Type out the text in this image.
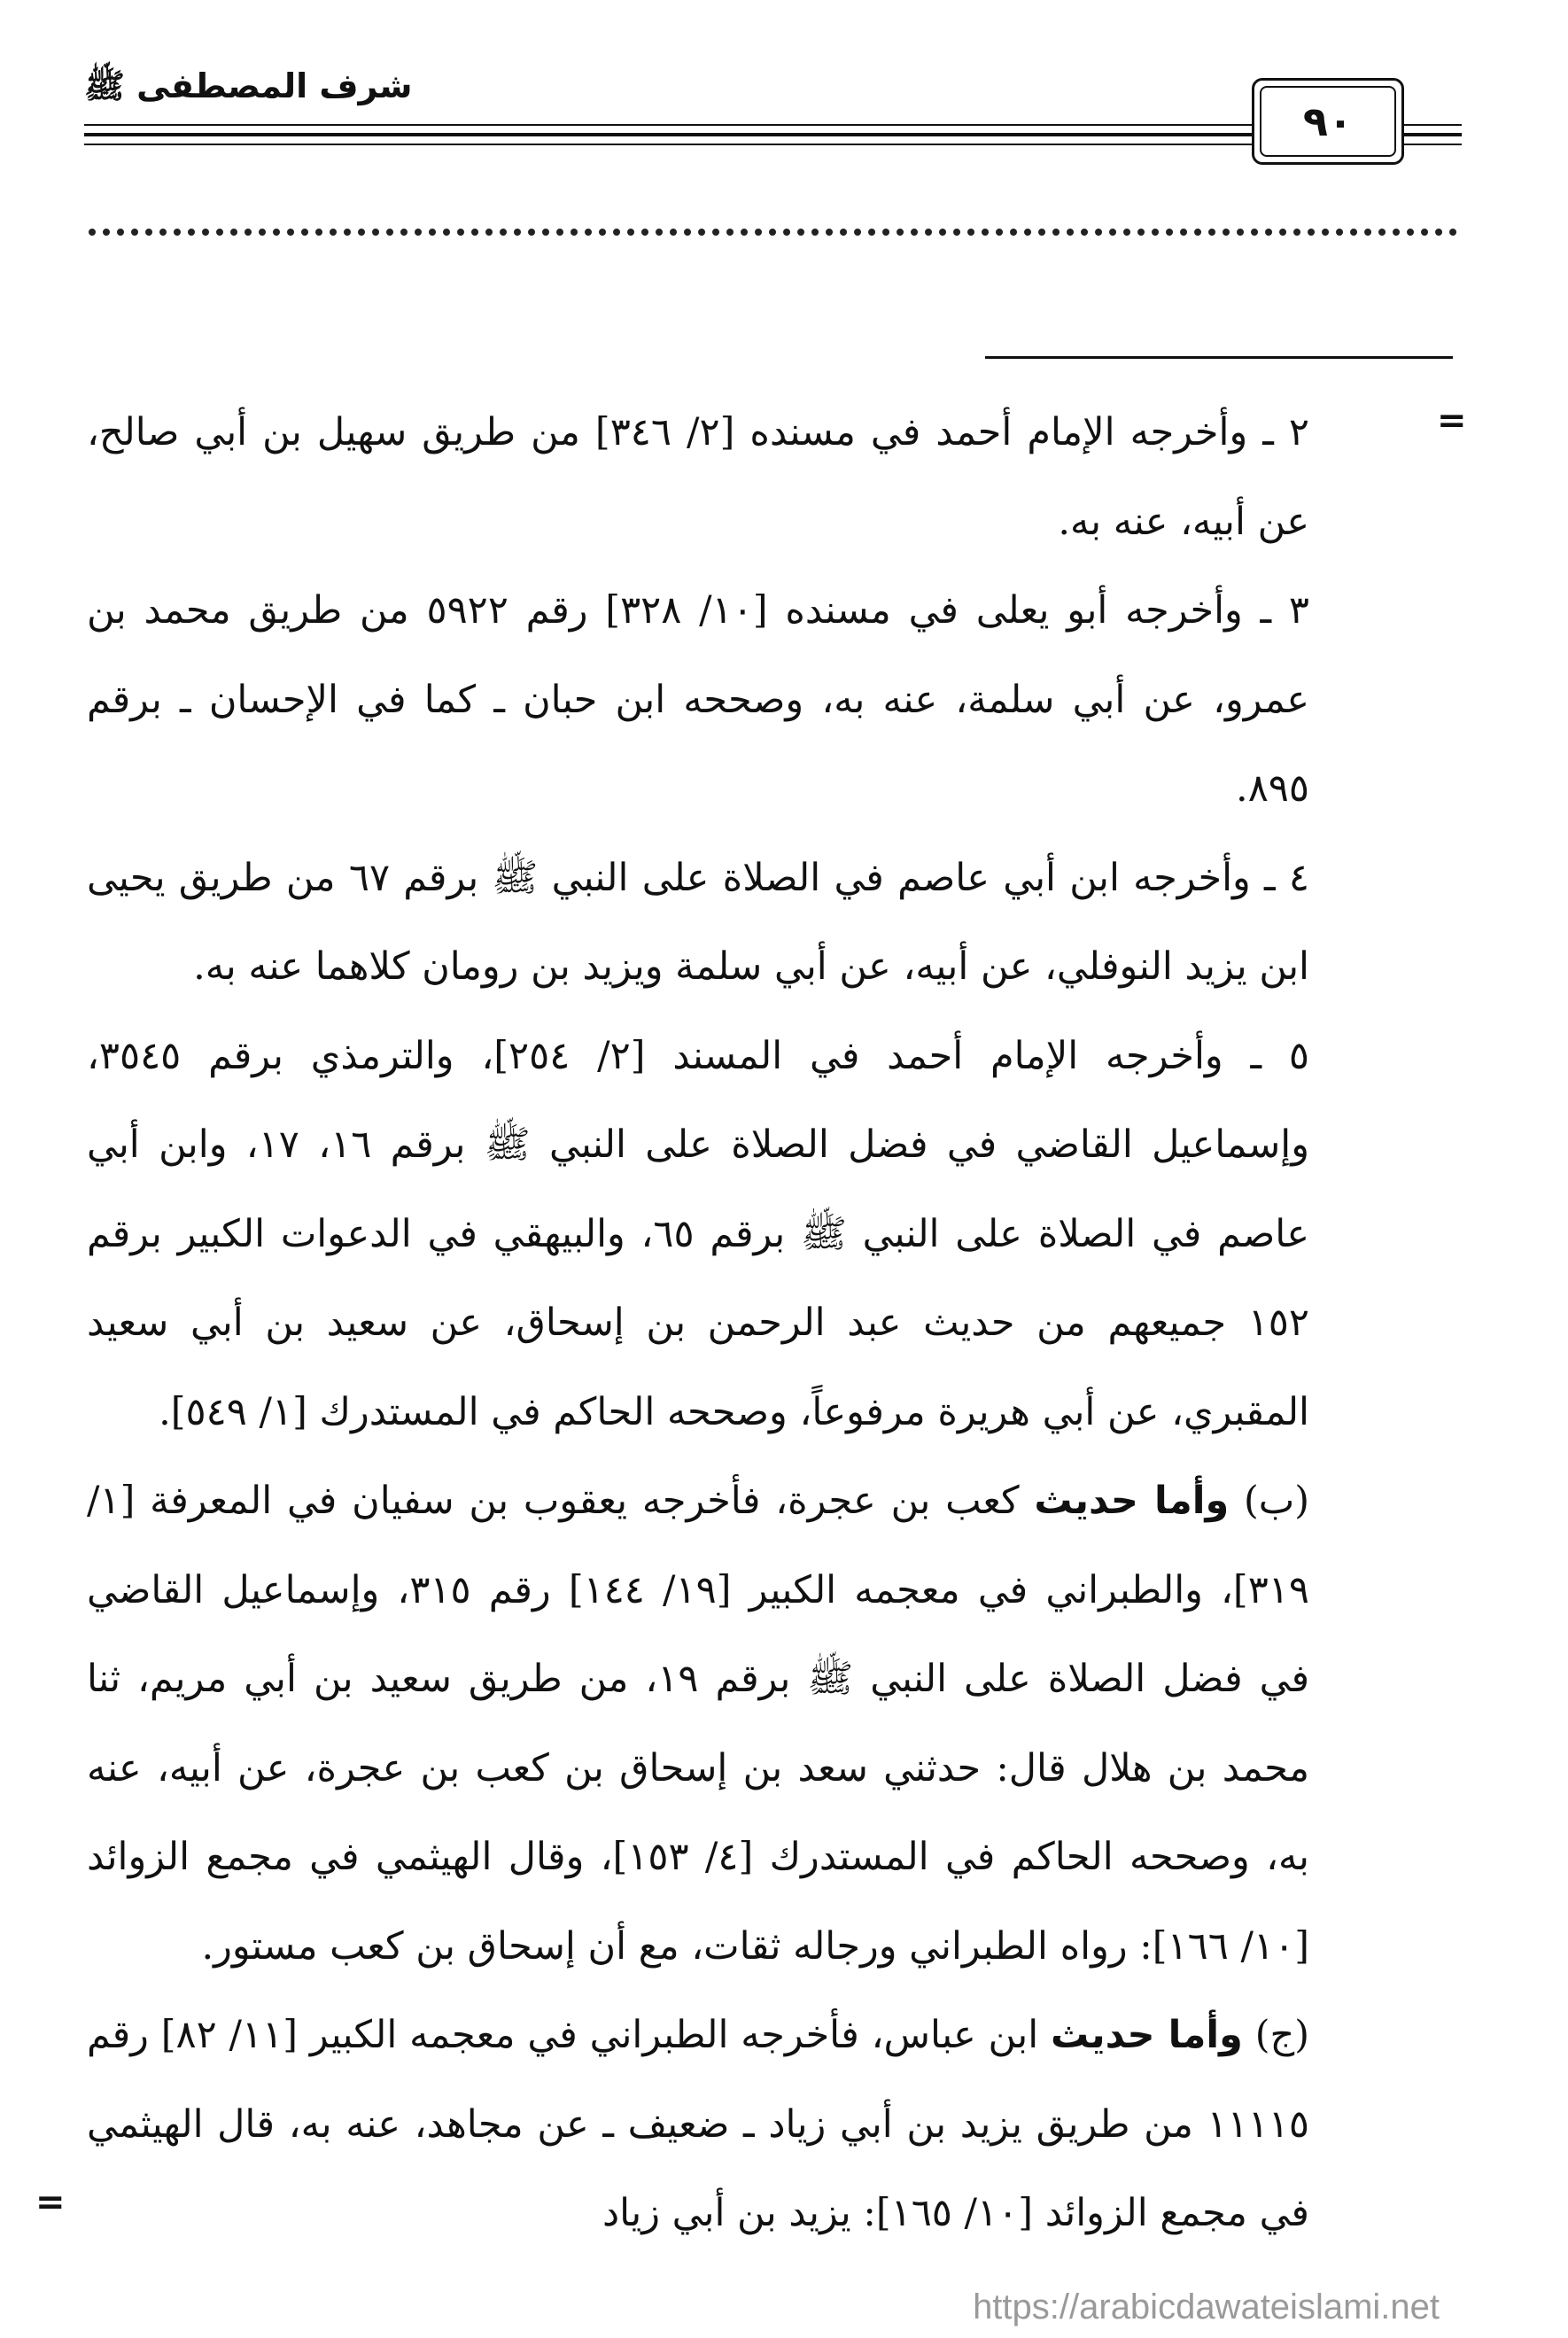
شرف المصطفى ﷺ
٩٠
=

٢ ـ وأخرجه الإمام أحمد في مسنده [٢/ ٣٤٦] من طريق سهيل بن أبي صالح، عن أبيه، عنه به.

٣ ـ وأخرجه أبو يعلى في مسنده [١٠/ ٣٢٨] رقم ٥٩٢٢ من طريق محمد بن عمرو، عن أبي سلمة، عنه به، وصححه ابن حبان ـ كما في الإحسان ـ برقم ٨٩٥.

٤ ـ وأخرجه ابن أبي عاصم في الصلاة على النبي ﷺ برقم ٦٧ من طريق يحيى ابن يزيد النوفلي، عن أبيه، عن أبي سلمة ويزيد بن رومان كلاهما عنه به.

٥ ـ وأخرجه الإمام أحمد في المسند [٢/ ٢٥٤]، والترمذي برقم ٣٥٤٥، وإسماعيل القاضي في فضل الصلاة على النبي ﷺ برقم ١٦، ١٧، وابن أبي عاصم في الصلاة على النبي ﷺ برقم ٦٥، والبيهقي في الدعوات الكبير برقم ١٥٢ جميعهم من حديث عبد الرحمن بن إسحاق، عن سعيد بن أبي سعيد المقبري، عن أبي هريرة مرفوعاً، وصححه الحاكم في المستدرك [١/ ٥٤٩].

(ب) وأما حديث كعب بن عجرة، فأخرجه يعقوب بن سفيان في المعرفة [١/ ٣١٩]، والطبراني في معجمه الكبير [١٩/ ١٤٤] رقم ٣١٥، وإسماعيل القاضي في فضل الصلاة على النبي ﷺ برقم ١٩، من طريق سعيد بن أبي مريم، ثنا محمد بن هلال قال: حدثني سعد بن إسحاق بن كعب بن عجرة، عن أبيه، عنه به، وصححه الحاكم في المستدرك [٤/ ١٥٣]، وقال الهيثمي في مجمع الزوائد [١٠/ ١٦٦]: رواه الطبراني ورجاله ثقات، مع أن إسحاق بن كعب مستور.

(ج) وأما حديث ابن عباس، فأخرجه الطبراني في معجمه الكبير [١١/ ٨٢] رقم ١١١١٥ من طريق يزيد بن أبي زياد ـ ضعيف ـ عن مجاهد، عنه به، قال الهيثمي في مجمع الزوائد [١٠/ ١٦٥]: يزيد بن أبي زياد

=
https://arabicdawateislami.net
